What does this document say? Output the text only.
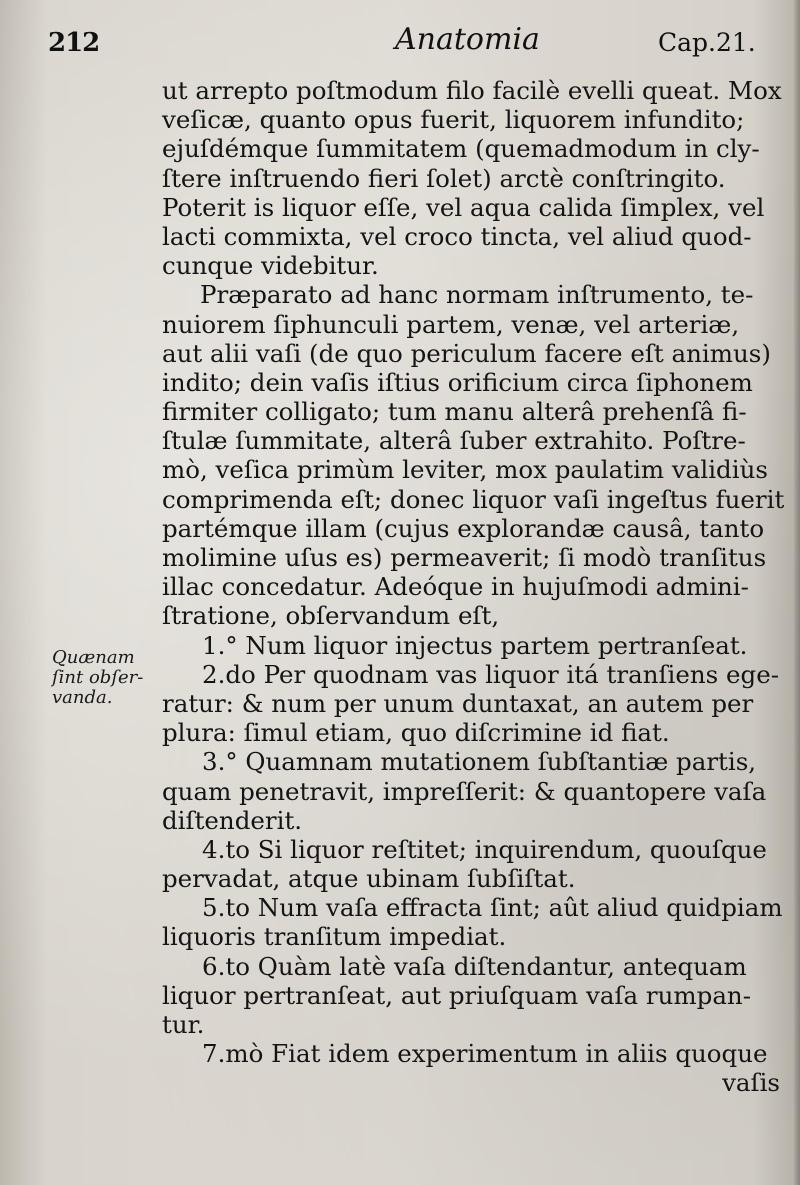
212	Anatomia	Cap.21.
Quænam
ſint obſer-
vanda.
ut arrepto poſtmodum filo facilè evelli queat. Mox
veſicæ, quanto opus fuerit, liquorem infundito;
ejuſdémque ſummitatem (quemadmodum in cly-
ſtere inſtruendo fieri ſolet) arctè conſtringito.
Poterit is liquor eſſe, vel aqua calida ſimplex, vel
lacti commixta, vel croco tincta, vel aliud quod-
cunque videbitur.
Præparato ad hanc normam inſtrumento, te-
nuiorem ſiphunculi partem, venæ, vel arteriæ,
aut alii vaſi (de quo periculum facere eſt animus)
indito; dein vaſis iſtius orificium circa ſiphonem
firmiter colligato; tum manu alterâ prehenſâ fi-
ſtulæ ſummitate, alterâ ſuber extrahito. Poſtre-
mò, veſica primùm leviter, mox paulatim validiùs
comprimenda eſt; donec liquor vaſi ingeſtus fuerit
partémque illam (cujus explorandæ causâ, tanto
molimine uſus es) permeaverit; ſi modò tranſitus
illac concedatur. Adeóque in hujuſmodi admini-
ſtratione, obſervandum eſt,
1.° Num liquor injectus partem pertranſeat.
2.do Per quodnam vas liquor itá tranſiens ege-
ratur: & num per unum duntaxat, an autem per
plura: ſimul etiam, quo diſcrimine id fiat.
3.° Quamnam mutationem ſubſtantiæ partis,
quam penetravit, impreſſerit: & quantopere vaſa
diſtenderit.
4.to Si liquor reſtitet; inquirendum, quouſque
pervadat, atque ubinam ſubſiſtat.
5.to Num vaſa effracta ſint; aût aliud quidpiam
liquoris tranſitum impediat.
6.to Quàm latè vaſa diſtendantur, antequam
liquor pertranſeat, aut priuſquam vaſa rumpan-
tur.
7.mò Fiat idem experimentum in aliis quoque
vaſis
